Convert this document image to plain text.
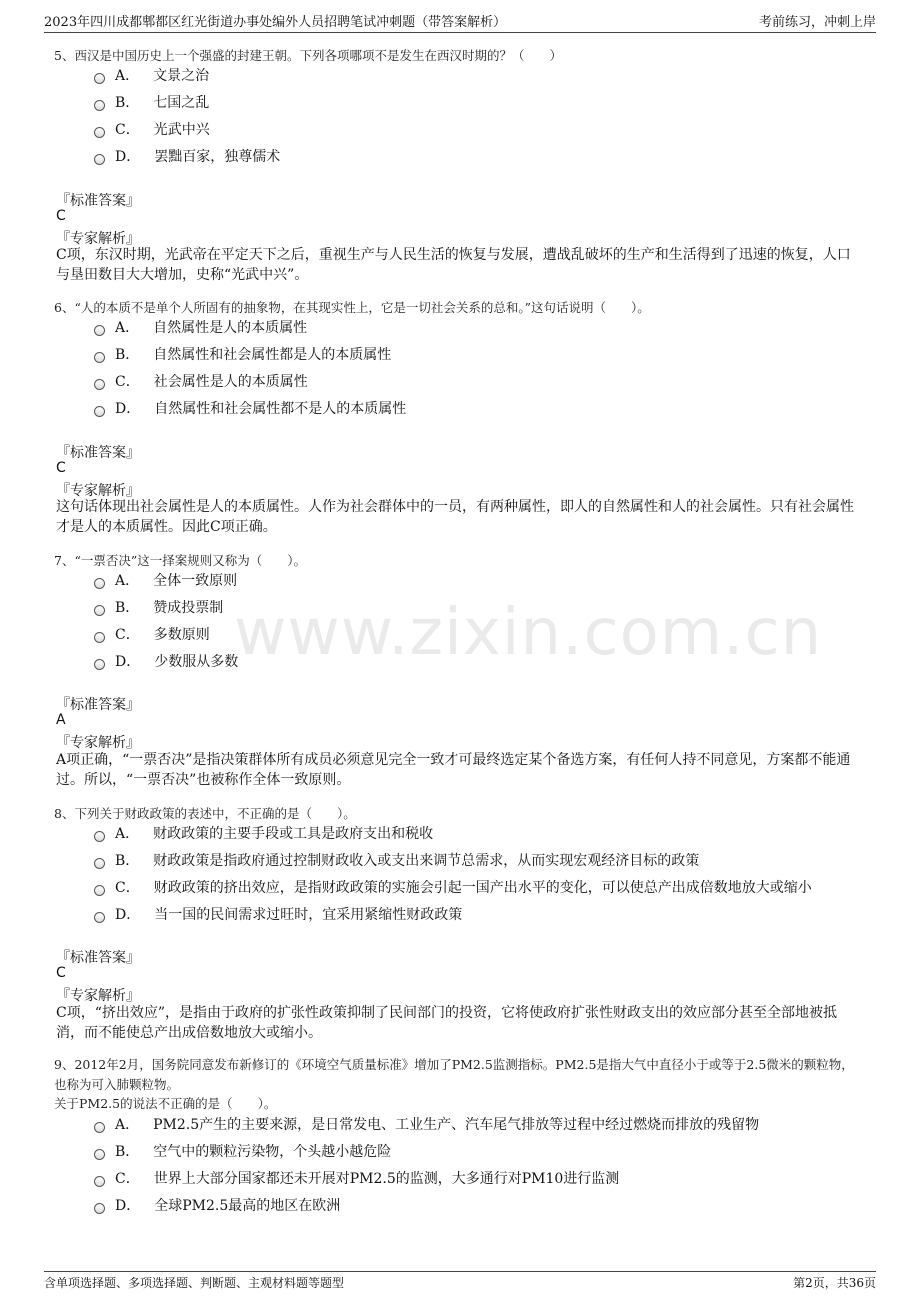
2023年四川成都郫都区红光街道办事处编外人员招聘笔试冲刺题（带答案解析）	考前练习，冲刺上岸
www.zixin.com.cn
5、西汉是中国历史上一个强盛的封建王朝。下列各项哪项不是发生在西汉时期的？（　　）
A． 文景之治
B． 七国之乱
C． 光武中兴
D． 罢黜百家，独尊儒术
『标准答案』
C
『专家解析』
C项，东汉时期，光武帝在平定天下之后，重视生产与人民生活的恢复与发展，遭战乱破坏的生产和生活得到了迅速的恢复，人口与垦田数目大大增加，史称“光武中兴”。
6、“人的本质不是单个人所固有的抽象物，在其现实性上，它是一切社会关系的总和。”这句话说明（　　）。
A． 自然属性是人的本质属性
B． 自然属性和社会属性都是人的本质属性
C． 社会属性是人的本质属性
D． 自然属性和社会属性都不是人的本质属性
『标准答案』
C
『专家解析』
这句话体现出社会属性是人的本质属性。人作为社会群体中的一员，有两种属性，即人的自然属性和人的社会属性。只有社会属性才是人的本质属性。因此C项正确。
7、“一票否决”这一择案规则又称为（　　）。
A． 全体一致原则
B． 赞成投票制
C． 多数原则
D． 少数服从多数
『标准答案』
A
『专家解析』
A项正确，“一票否决”是指决策群体所有成员必须意见完全一致才可最终选定某个备选方案，有任何人持不同意见，方案都不能通过。所以，“一票否决”也被称作全体一致原则。
8、下列关于财政政策的表述中，不正确的是（　　）。
A． 财政政策的主要手段或工具是政府支出和税收
B． 财政政策是指政府通过控制财政收入或支出来调节总需求，从而实现宏观经济目标的政策
C． 财政政策的挤出效应，是指财政政策的实施会引起一国产出水平的变化，可以使总产出成倍数地放大或缩小
D． 当一国的民间需求过旺时，宜采用紧缩性财政政策
『标准答案』
C
『专家解析』
C项，“挤出效应”，是指由于政府的扩张性政策抑制了民间部门的投资，它将使政府扩张性财政支出的效应部分甚至全部地被抵消，而不能使总产出成倍数地放大或缩小。
9、2012年2月，国务院同意发布新修订的《环境空气质量标准》增加了PM2.5监测指标。PM2.5是指大气中直径小于或等于2.5微米的颗粒物，
也称为可入肺颗粒物。
关于PM2.5的说法不正确的是（　　）。
A． PM2.5产生的主要来源，是日常发电、工业生产、汽车尾气排放等过程中经过燃烧而排放的残留物
B． 空气中的颗粒污染物，个头越小越危险
C． 世界上大部分国家都还未开展对PM2.5的监测，大多通行对PM10进行监测
D． 全球PM2.5最高的地区在欧洲
含单项选择题、多项选择题、判断题、主观材料题等题型	第2页，共36页
